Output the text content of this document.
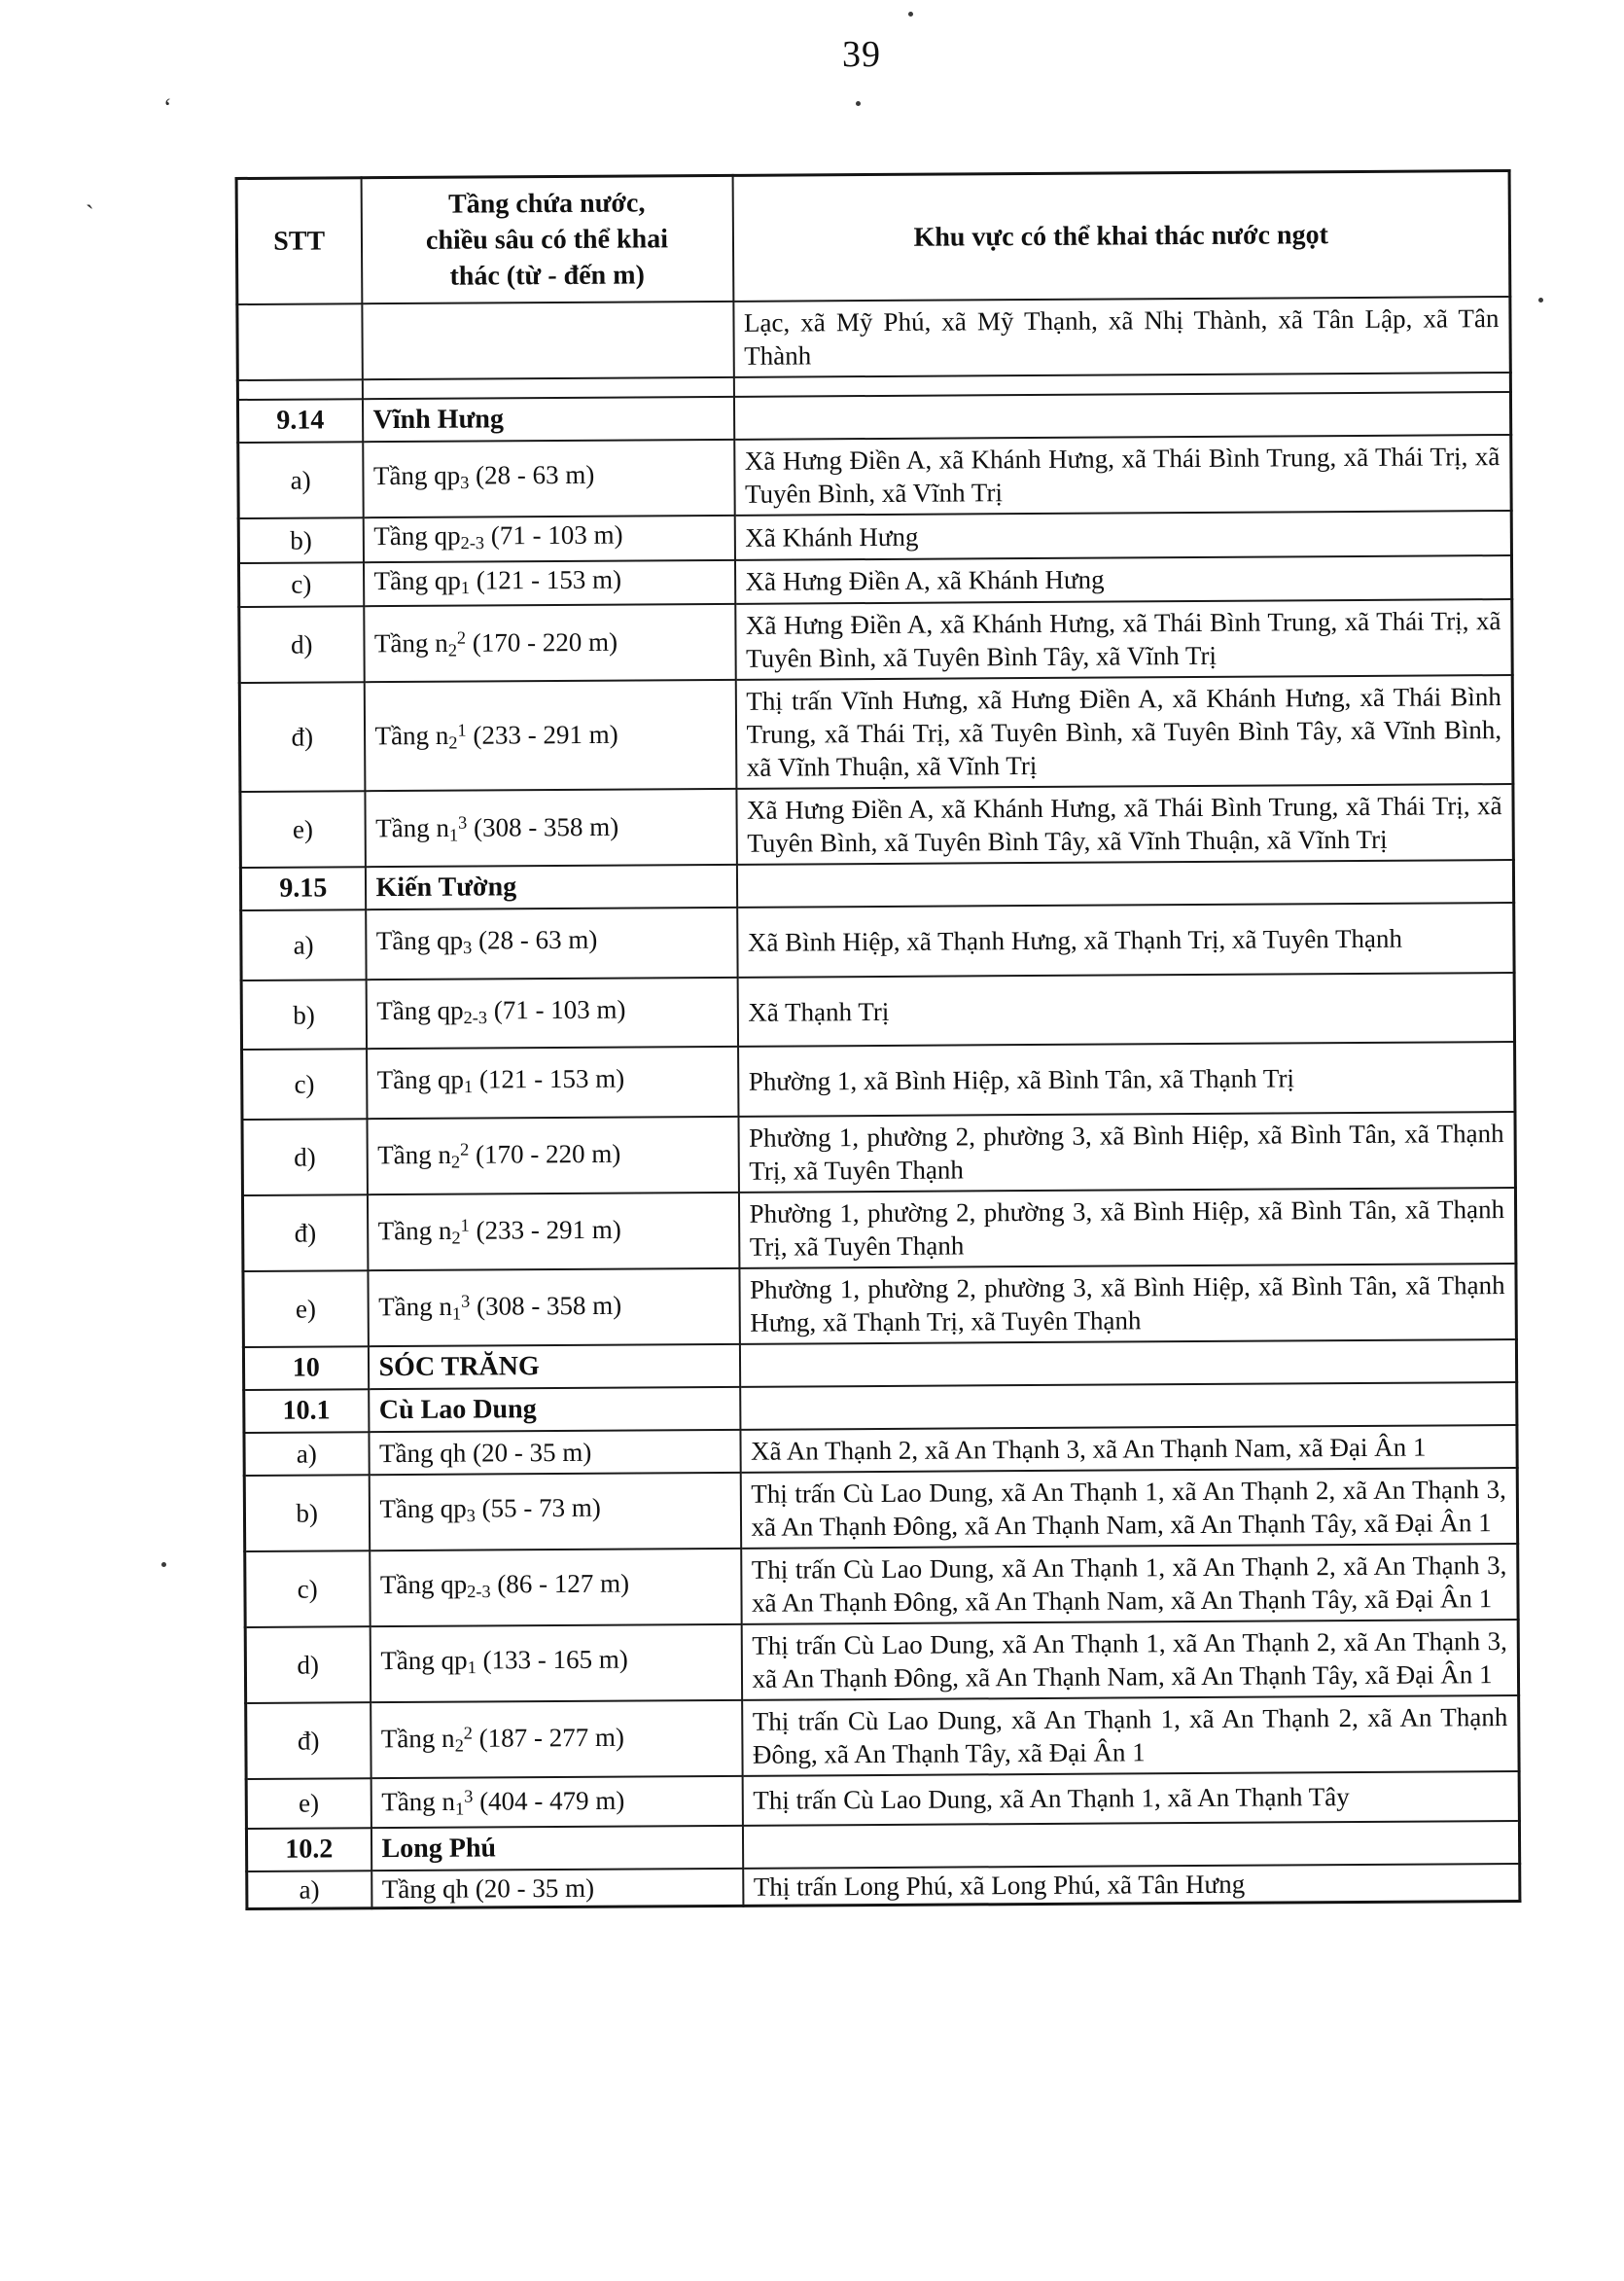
39
STT	Tầng chứa nước,
chiều sâu có thể khai
thác (từ - đến m)	Khu vực có thể khai thác nước ngọt
		Lạc, xã Mỹ Phú, xã Mỹ Thạnh, xã Nhị Thành, xã Tân Lập, xã Tân Thành

9.14	Vĩnh Hưng	
a)	Tầng $qp_3$ (28 - 63 m)	Xã Hưng Điền A, xã Khánh Hưng, xã Thái Bình Trung, xã Thái Trị, xã Tuyên Bình, xã Vĩnh Trị
b)	Tầng $qp_{2-3}$ (71 - 103 m)	Xã Khánh Hưng
c)	Tầng $qp_1$ (121 - 153 m)	Xã Hưng Điền A, xã Khánh Hưng
d)	Tầng $n_2^2$ (170 - 220 m)	Xã Hưng Điền A, xã Khánh Hưng, xã Thái Bình Trung, xã Thái Trị, xã Tuyên Bình, xã Tuyên Bình Tây, xã Vĩnh Trị
đ)	Tầng $n_2^1$ (233 - 291 m)	Thị trấn Vĩnh Hưng, xã Hưng Điền A, xã Khánh Hưng, xã Thái Bình Trung, xã Thái Trị, xã Tuyên Bình, xã Tuyên Bình Tây, xã Vĩnh Bình, xã Vĩnh Thuận, xã Vĩnh Trị
e)	Tầng $n_1^3$ (308 - 358 m)	Xã Hưng Điền A, xã Khánh Hưng, xã Thái Bình Trung, xã Thái Trị, xã Tuyên Bình, xã Tuyên Bình Tây, xã Vĩnh Thuận, xã Vĩnh Trị
9.15	Kiến Tường	
a)	Tầng $qp_3$ (28 - 63 m)	Xã Bình Hiệp, xã Thạnh Hưng, xã Thạnh Trị, xã Tuyên Thạnh
b)	Tầng $qp_{2-3}$ (71 - 103 m)	Xã Thạnh Trị
c)	Tầng $qp_1$ (121 - 153 m)	Phường 1, xã Bình Hiệp, xã Bình Tân, xã Thạnh Trị
d)	Tầng $n_2^2$ (170 - 220 m)	Phường 1, phường 2, phường 3, xã Bình Hiệp, xã Bình Tân, xã Thạnh Trị, xã Tuyên Thạnh
đ)	Tầng $n_2^1$ (233 - 291 m)	Phường 1, phường 2, phường 3, xã Bình Hiệp, xã Bình Tân, xã Thạnh Trị, xã Tuyên Thạnh
e)	Tầng $n_1^3$ (308 - 358 m)	Phường 1, phường 2, phường 3, xã Bình Hiệp, xã Bình Tân, xã Thạnh Hưng, xã Thạnh Trị, xã Tuyên Thạnh
10	SÓC TRĂNG	
10.1	Cù Lao Dung	
a)	Tầng qh (20 - 35 m)	Xã An Thạnh 2, xã An Thạnh 3, xã An Thạnh Nam, xã Đại Ân 1
b)	Tầng $qp_3$ (55 - 73 m)	Thị trấn Cù Lao Dung, xã An Thạnh 1, xã An Thạnh 2, xã An Thạnh 3, xã An Thạnh Đông, xã An Thạnh Nam, xã An Thạnh Tây, xã Đại Ân 1
c)	Tầng $qp_{2-3}$ (86 - 127 m)	Thị trấn Cù Lao Dung, xã An Thạnh 1, xã An Thạnh 2, xã An Thạnh 3, xã An Thạnh Đông, xã An Thạnh Nam, xã An Thạnh Tây, xã Đại Ân 1
d)	Tầng $qp_1$ (133 - 165 m)	Thị trấn Cù Lao Dung, xã An Thạnh 1, xã An Thạnh 2, xã An Thạnh 3, xã An Thạnh Đông, xã An Thạnh Nam, xã An Thạnh Tây, xã Đại Ân 1
đ)	Tầng $n_2^2$ (187 - 277 m)	Thị trấn Cù Lao Dung, xã An Thạnh 1, xã An Thạnh 2, xã An Thạnh Đông, xã An Thạnh Tây, xã Đại Ân 1
e)	Tầng $n_1^3$ (404 - 479 m)	Thị trấn Cù Lao Dung, xã An Thạnh 1, xã An Thạnh Tây
10.2	Long Phú	
a)	Tầng qh (20 - 35 m)	Thị trấn Long Phú, xã Long Phú, xã Tân Hưng
‘
`
